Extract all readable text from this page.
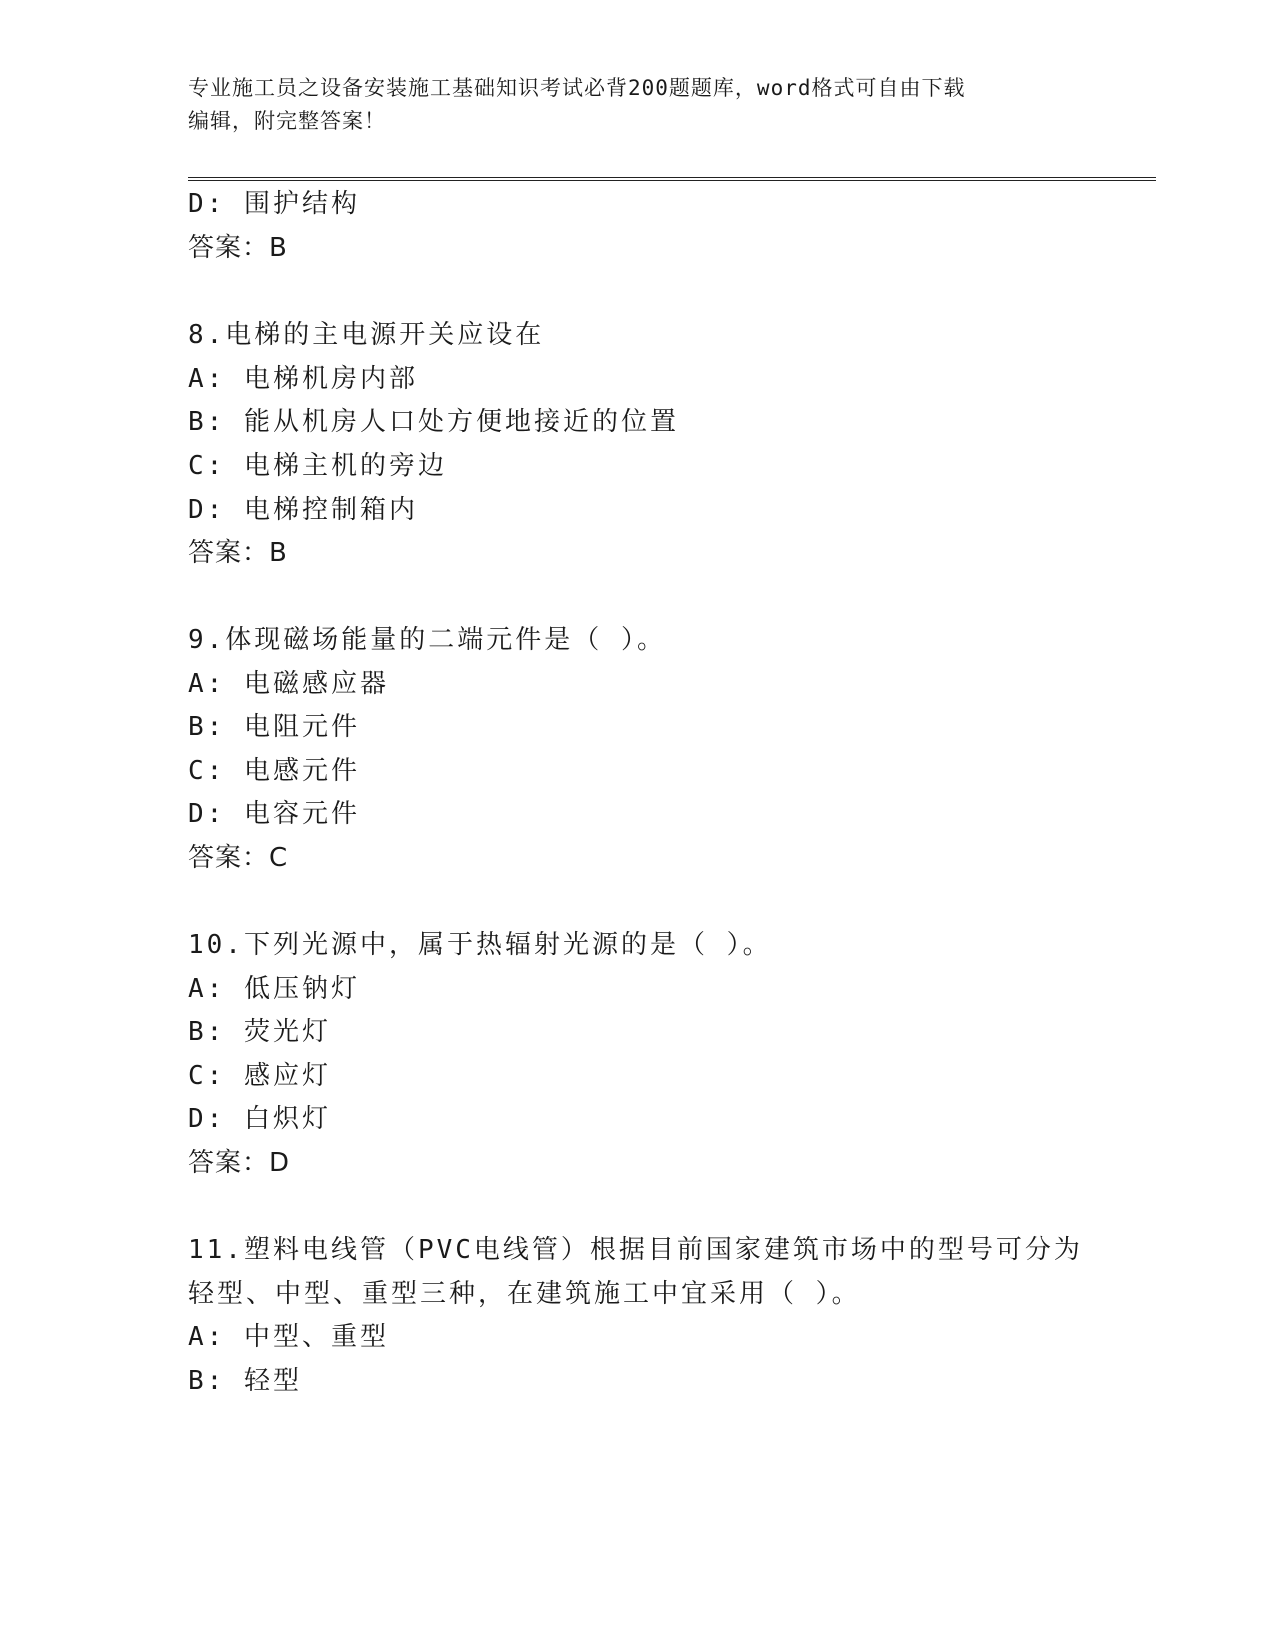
专业施工员之设备安装施工基础知识考试必背200题题库，word格式可自由下载
编辑，附完整答案！
D: 围护结构
答案：B
8.电梯的主电源开关应设在
A: 电梯机房内部
B: 能从机房人口处方便地接近的位置
C: 电梯主机的旁边
D: 电梯控制箱内
答案：B
9.体现磁场能量的二端元件是（ ）。
A: 电磁感应器
B: 电阻元件
C: 电感元件
D: 电容元件
答案：C
10.下列光源中，属于热辐射光源的是（ ）。
A: 低压钠灯
B: 荧光灯
C: 感应灯
D: 白炽灯
答案：D
11.塑料电线管（PVC电线管）根据目前国家建筑市场中的型号可分为
轻型、中型、重型三种，在建筑施工中宜采用（ ）。
A: 中型、重型
B: 轻型
